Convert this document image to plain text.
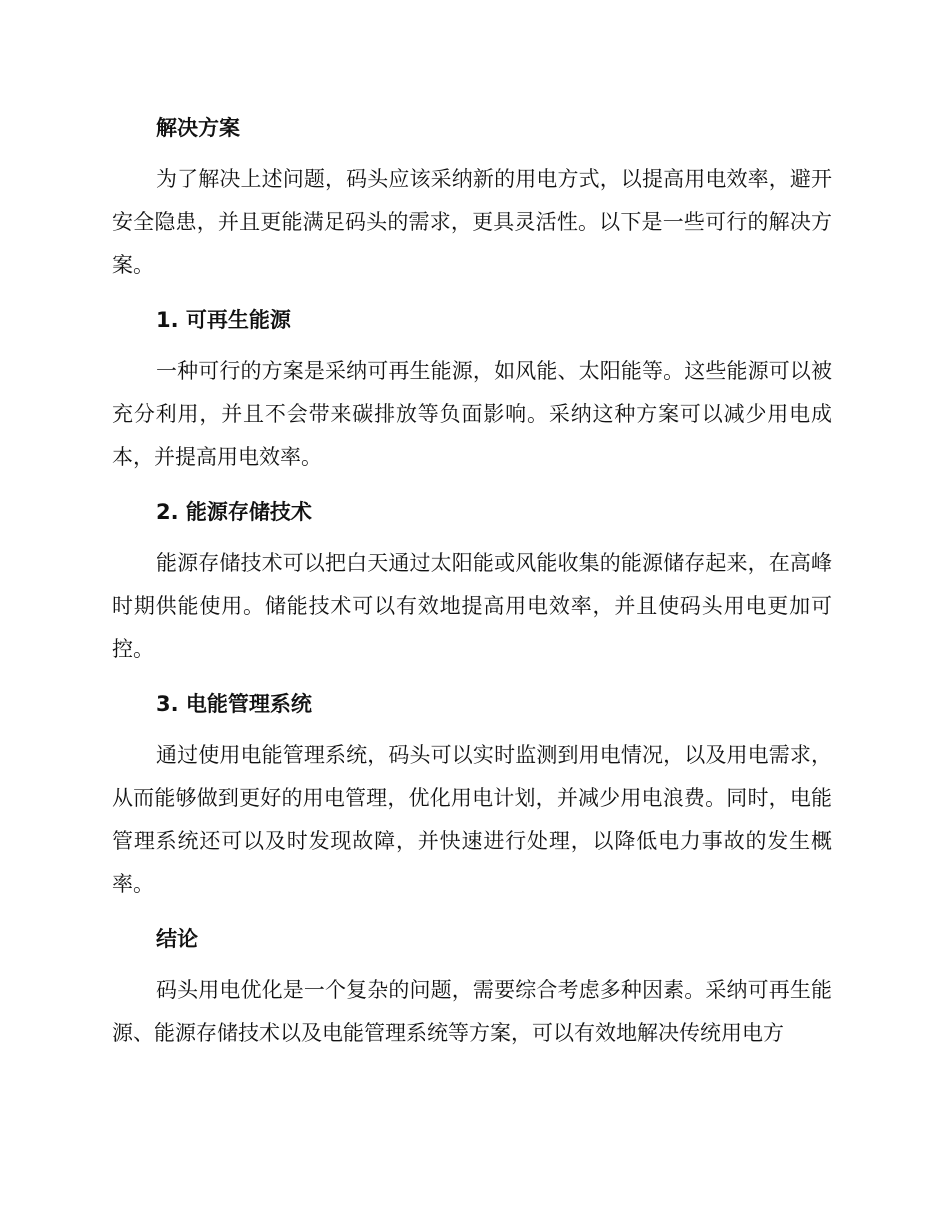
解决方案

为了解决上述问题，码头应该采纳新的用电方式，以提高用电效率，避开安全隐患，并且更能满足码头的需求，更具灵活性。以下是一些可行的解决方案。

1. 可再生能源

一种可行的方案是采纳可再生能源，如风能、太阳能等。这些能源可以被充分利用，并且不会带来碳排放等负面影响。采纳这种方案可以减少用电成本，并提高用电效率。

2. 能源存储技术

能源存储技术可以把白天通过太阳能或风能收集的能源储存起来，在高峰时期供能使用。储能技术可以有效地提高用电效率，并且使码头用电更加可控。

3. 电能管理系统

通过使用电能管理系统，码头可以实时监测到用电情况，以及用电需求，从而能够做到更好的用电管理，优化用电计划，并减少用电浪费。同时，电能管理系统还可以及时发现故障，并快速进行处理，以降低电力事故的发生概率。

结论

码头用电优化是一个复杂的问题，需要综合考虑多种因素。采纳可再生能源、能源存储技术以及电能管理系统等方案，可以有效地解决传统用电方
